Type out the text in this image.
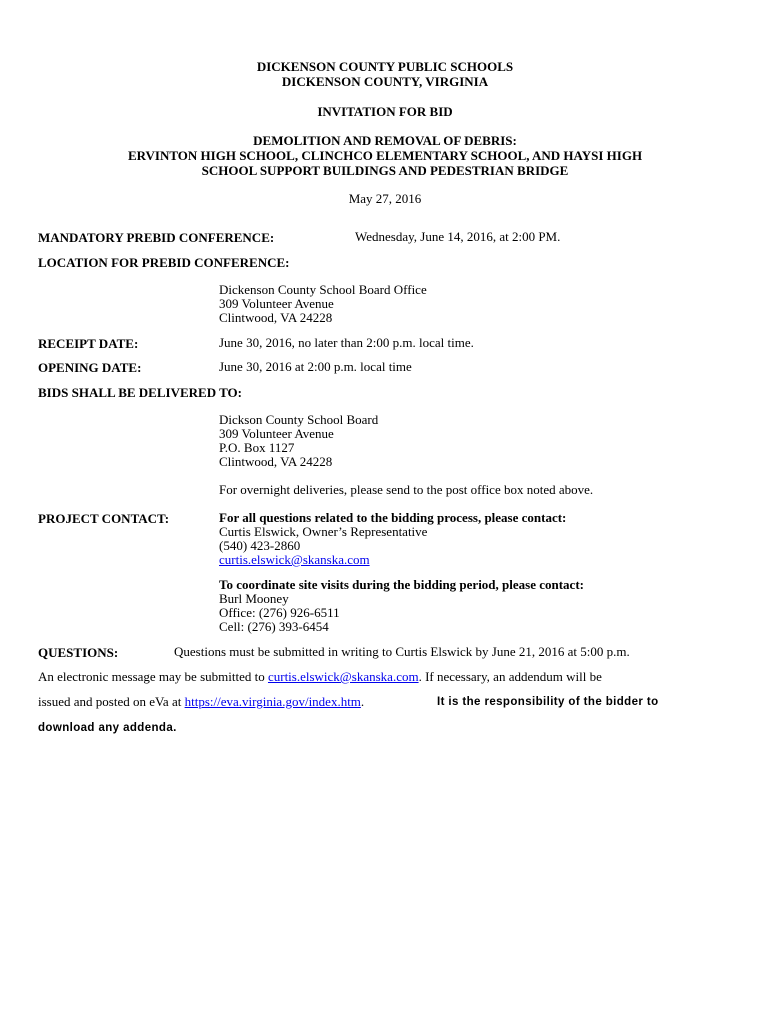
DICKENSON COUNTY PUBLIC SCHOOLS
DICKENSON COUNTY, VIRGINIA
INVITATION FOR BID
DEMOLITION AND REMOVAL OF DEBRIS:
ERVINTON HIGH SCHOOL, CLINCHCO ELEMENTARY SCHOOL, AND HAYSI HIGH
SCHOOL SUPPORT BUILDINGS AND PEDESTRIAN BRIDGE
May 27, 2016
MANDATORY PREBID CONFERENCE:	Wednesday, June 14, 2016, at 2:00 PM.
LOCATION FOR PREBID CONFERENCE:
Dickenson County School Board Office
309 Volunteer Avenue
Clintwood, VA 24228
RECEIPT DATE:	June 30, 2016, no later than 2:00 p.m. local time.
OPENING DATE:	June 30, 2016 at 2:00 p.m. local time
BIDS SHALL BE DELIVERED TO:
Dickson County School Board
309 Volunteer Avenue
P.O. Box 1127
Clintwood, VA 24228
For overnight deliveries, please send to the post office box noted above.
PROJECT CONTACT:	For all questions related to the bidding process, please contact:
Curtis Elswick, Owner’s Representative
(540) 423-2860
curtis.elswick@skanska.com
To coordinate site visits during the bidding period, please contact:
Burl Mooney
Office: (276) 926-6511
Cell: (276) 393-6454
QUESTIONS:	Questions must be submitted in writing to Curtis Elswick by June 21, 2016 at 5:00 p.m.
An electronic message may be submitted to curtis.elswick@skanska.com. If necessary, an addendum will be
issued and posted on eVa at https://eva.virginia.gov/index.htm.	It is the responsibility of the bidder to
download any addenda.
